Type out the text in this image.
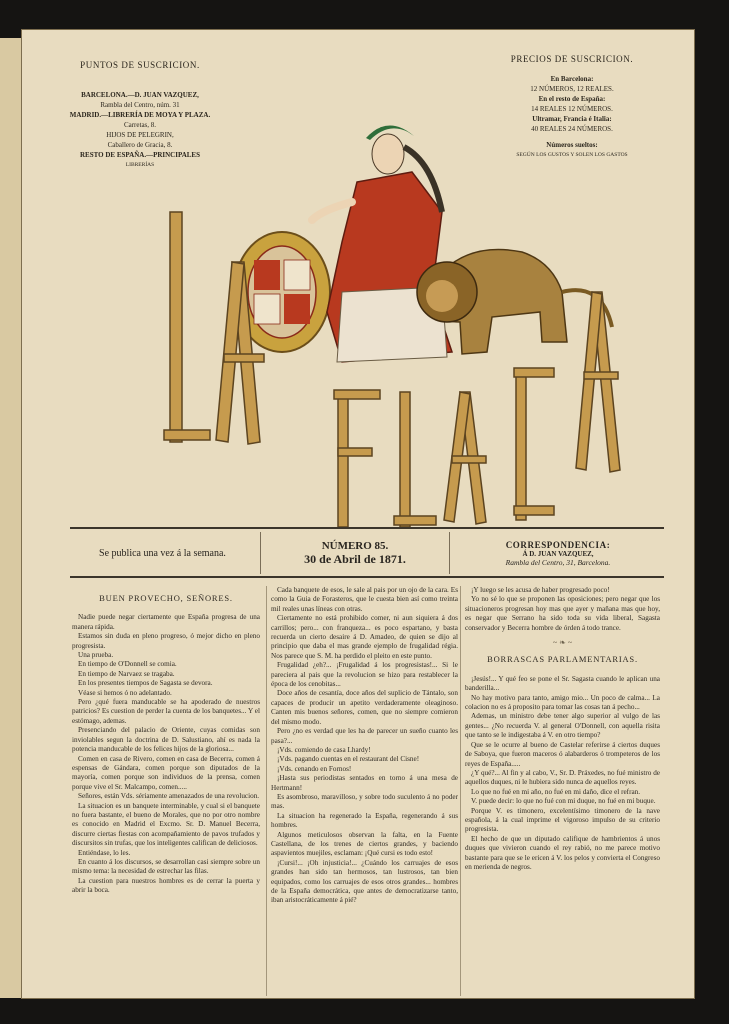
PUNTOS DE SUSCRICION.
BARCELONA.—D. JUAN VAZQUEZ,
Rambla del Centro, núm. 31
MADRID.—LIBRERÍA DE MOYA Y PLAZA.
Carretas, 8.
HIJOS DE PELEGRIN,
Caballero de Gracia, 8.
RESTO DE ESPAÑA.—PRINCIPALES
LIBRERÍAS
PRECIOS DE SUSCRICION.
En Barcelona:
12 NÚMEROS, 12 REALES.
En el resto de España:
14 REALES 12 NÚMEROS.
Ultramar, Francia é Italia:
40 REALES 24 NÚMEROS.
Números sueltos:
SEGÚN LOS GUSTOS Y SOLEN LOS GASTOS
LA FLACA
Se publica una vez á la semana.
NÚMERO 85.
30 de Abril de 1871.
CORRESPONDENCIA:
Á D. JUAN VAZQUEZ,
Rambla del Centro, 31, Barcelona.
BUEN PROVECHO, SEÑORES.

Nadie puede negar ciertamente que España progresa de una manera rápida.

Estamos sin duda en pleno progreso, ó mejor dicho en pleno progresista.

Una prueba.

En tiempo de O'Donnell se comia.

En tiempo de Narvaez se tragaba.

En los presentes tiempos de Sagasta se devora.

Véase si hemos ó no adelantado.

Pero ¿qué fuera manducable se ha apoderado de nuestros patricios? Es cuestion de perder la cuenta de los banquetes... Y el estómago, ademas.

Presenciando del palacio de Oriente, cuyas comidas son inviolables segun la doctrina de D. Salustiano, ahí es nada la potencia manducable de los felices hijos de la gloriosa...

Comen en casa de Rivero, comen en casa de Becerra, comen á espensas de Gándara, comen porque son diputados de la mayoría, comen porque son individuos de la prensa, comen porque vive el Sr. Malcampo, comen.....

Señores, están Vds. sériamente amenazados de una revolucion.

La situacion es un banquete interminable, y cual si el banquete no fuera bastante, el bueno de Morales, que no por otro nombre es conocido en Madrid el Excmo. Sr. D. Manuel Becerra, discurre ciertas fiestas con acompañamiento de pavos trufados y discursitos sin trufas, que los inteligentes califican de deliciosos.

Entiéndase, lo les.

En cuanto á los discursos, se desarrollan casi siempre sobre un mismo tema: la necesidad de estrechar las filas.

La cuestion para nuestros hombres es de cerrar la puerta y abrir la boca.

Cada banquete de esos, le sale al pais por un ojo de la cara. Es como la Guia de Forasteros, que le cuesta bien así como treinta mil reales unas líneas con otras.

Ciertamente no está prohibido comer, ni aun siquiera á dos carrillos; pero... con franqueza... es poco espartano, y basta recuerda un cierto desaire á D. Amadeo, de quien se dijo al principio que daba el mas grande ejemplo de frugalidad régia. Nos parece que S. M. ha perdido el pleito en este punto.

Frugalidad ¿eh?... ¡Frugalidad á los progresistas!... Si le pareciera al pais que la revolucion se hizo para restablecer la época de los cenobitas...

Doce años de cesantía, doce años del suplicio de Tántalo, son capaces de producir un apetito verdaderamente oleaginoso. Canten mis buenos señores, comen, que no siempre comieron del mismo modo.

Pero ¿no es verdad que les ha de parecer un sueño cuanto les pasa?...

¡Vds. comiendo de casa Lhardy!

¡Vds. pagando cuentas en el restaurant del Cisne!

¡Vds. cenando en Fornos!

¡Hasta sus periodistas sentados en torno á una mesa de Hertmann!

Es asombroso, maravilloso, y sobre todo suculento á no poder mas.

La situacion ha regenerado la España, regenerando á sus hombres.

Algunos meticulosos observan la falta, en la Fuente Castellana, de los trenes de ciertos grandes, y baciendo aspavientos muejiles, esclaman: ¡Qué cursi es todo esto!

¡Cursi!... ¡Oh injusticia!... ¿Cuándo los carruajes de esos grandes han sido tan hermosos, tan lustrosos, tan bien equipados, como los carruajes de esos otros grandes... hombres de la España democrática, que antes de democratizarse tanto, iban aristocráticamente á pié?

¡Y luego se les acusa de haber progresado poco!

Yo no sé lo que se proponen las oposiciones; pero negar que los situacioneros progresan hoy mas que ayer y mañana mas que hoy, es negar que Serrano ha sido toda su vida liberal, Sagasta conservador y Becerra hombre de órden á todo trance.

~ ❧ ~
BORRASCAS PARLAMENTARIAS.

¡Jesús!... Y qué feo se pone el Sr. Sagasta cuando le aplican una banderilla...

No hay motivo para tanto, amigo mio... Un poco de calma... La colacion no es á proposito para tomar las cosas tan á pecho...

Ademas, un ministro debe tener algo superior al vulgo de las gentes... ¿No recuerda V. al general O'Donnell, con aquella risita que tanto se le indigestaba á V. en otro tiempo?

Que se le ocurre al bueno de Castelar referirse á ciertos duques de Saboya, que fueron maceros ó alabarderos ó trompeteros de los reyes de España.....

¿Y qué?... Al fin y al cabo, V., Sr. D. Práxedes, no fué ministro de aquellos duques, ni le hubiera sido nunca de aquellos reyes.

Lo que no fué en mi año, no fué en mi daño, dice el refran.

V. puede decir: lo que no fué con mi duque, no fué en mi buque.

Porque V. es timonero, excelentísimo timonero de la nave española, á la cual imprime el vigoroso impulso de su criterio progresista.

El hecho de que un diputado califique de hambrientos á unos duques que vivieron cuando el rey rabió, no me parece motivo bastante para que se le ericen á V. los pelos y convierta el Congreso en merienda de negros.
